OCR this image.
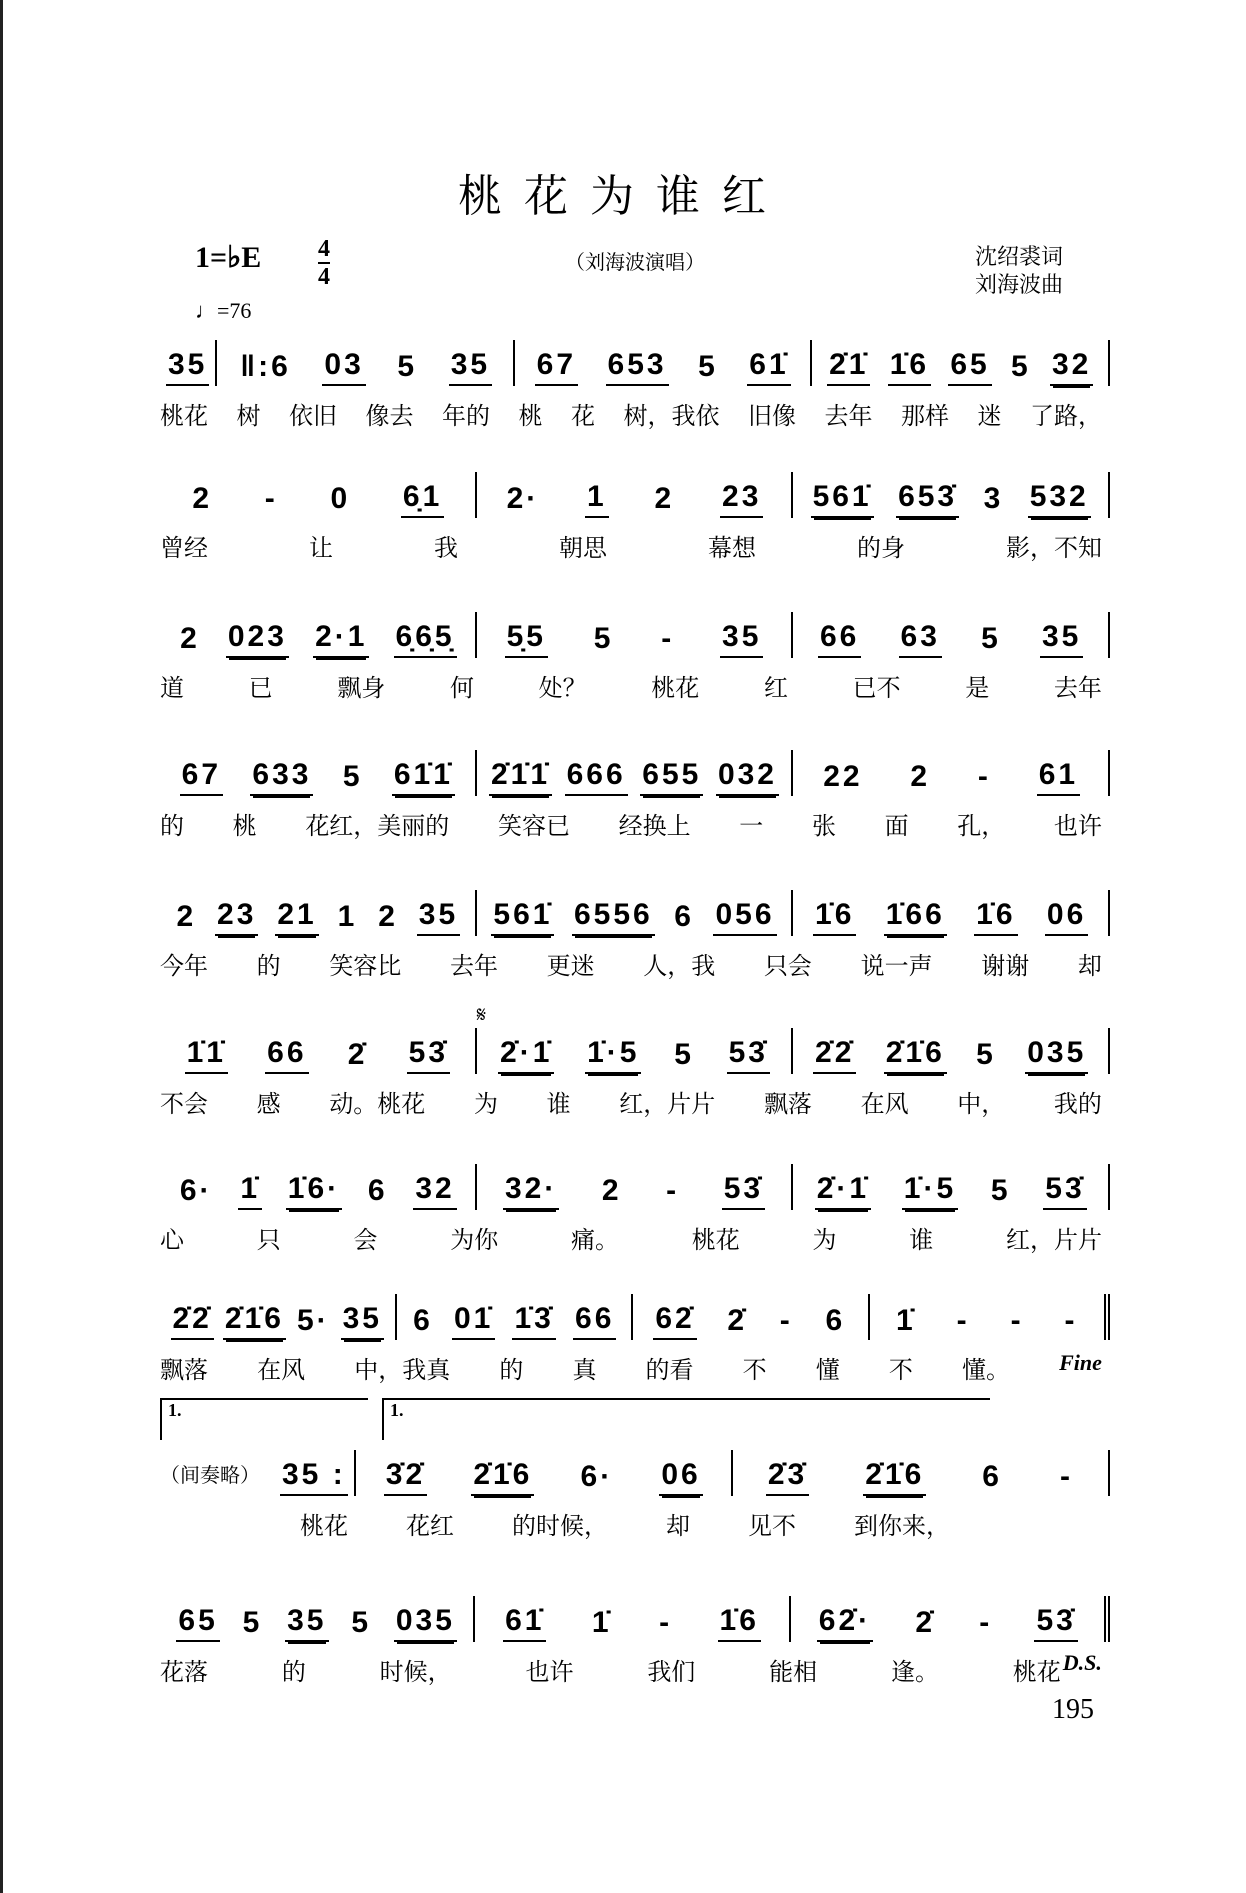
桃花为谁红
1=♭E $\frac{4}{4}$
♩=76
（刘海波演唱）	沈绍裘词
刘海波曲
35 ‖:6 03 5 35 67 653 5 61̇ 2̇1̇ 1̇6 65 5 32
桃花 树 依旧 像去 年的 桃 花 树，我依 旧像 去年 那样 迷 了路，
2 - 0 6̣1 2· 1 2 23 561̇ 653̇ 3 532
曾经	让	我	朝思	幕想	的身	影，不知
2 023 2·1 6̣6̣5̣ 5̣5 5 - 35 66 63 5 35
道	已	飘身	何	处？	桃花	红	已不	是	去年
67 633 5 61̇1̇ 2̇1̇1̇ 666 655 032 22 2 - 61
的 桃 花红，美丽的 笑容已 经换上 一 张 面 孔， 也许
2 23 21 1 2 35 561̇ 6556 6 056 1̇6 1̇66 1̇6 06
今年 的 笑容比 去年 更迷 人，我 只会 说一声 谢谢 却
1̇1̇ 66 2̇ 53̇ 2̇·1̇ 1̇·5 5 53̇
𝄋
2̇2̇ 2̇1̇6 5 035
不会 感 动。桃花 为 谁 红，片片 飘落 在风 中， 我的
6· 1̇ 1̇6· 6 32 32· 2 - 53̇ 2̇·1̇ 1̇·5 5 53̇
心	只	会	为你	痛。	桃花	为	谁	红，片片
2̇2̇ 2̇1̇6 5· 35 6 01̇ 1̇3̇ 66 62̇ 2̇ - 6 1̇ - - -
飘落 在风 中，我真 的 真 的看 不 懂 不 懂。 Fine
（间奏略） 35 : 3̇2̇ 2̇1̇6 6· 06 2̇3̇ 2̇1̇6 6 -
桃花 花红 的时候， 却 见不 到你来，
1.	1.
65 5 35 5 035 61̇ 1̇ - 1̇6 62̇· 2̇ - 53̇
花落	的	时候，	也许	我们	能相	逢。	桃花D.S.
195
